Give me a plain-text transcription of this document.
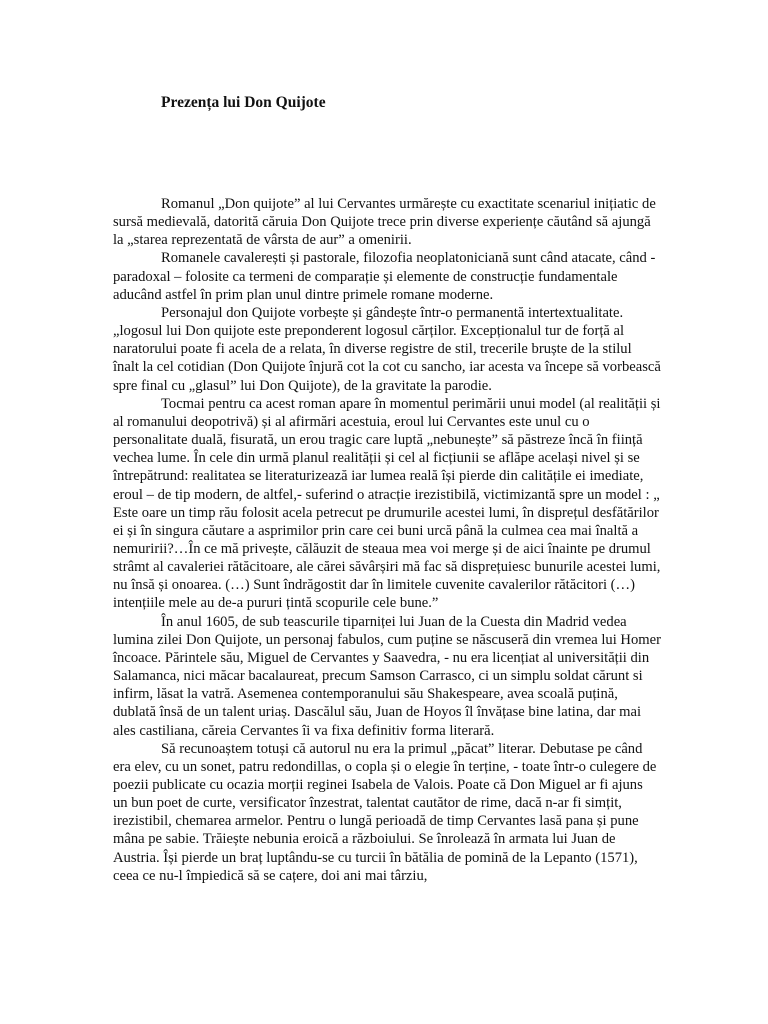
Prezența lui Don Quijote

Romanul „Don quijote” al lui Cervantes urmărește cu exactitate scenariul inițiatic de sursă medievală, datorită căruia Don Quijote trece prin diverse experiențe căutând să ajungă la „starea reprezentată de vârsta de aur” a omenirii.

Romanele cavalerești și pastorale, filozofia neoplatoniciană sunt când atacate, când - paradoxal – folosite ca termeni de comparație și elemente de construcție fundamentale aducând astfel în prim plan unul dintre primele romane moderne.

Personajul don Quijote vorbește și gândește într-o permanentă intertextualitate. „logosul lui Don quijote este preponderent logosul cărților. Excepționalul tur de forță al naratorului poate fi acela de a relata, în diverse registre de stil, trecerile bruște de la stilul înalt la cel cotidian (Don Quijote înjură cot la cot cu sancho, iar acesta va începe să vorbească spre final cu „glasul” lui Don Quijote), de la gravitate la parodie.

Tocmai pentru ca acest roman apare în momentul perimării unui model (al realității și al romanului deopotrivă) și al afirmări acestuia, eroul lui Cervantes este unul cu o personalitate duală, fisurată, un erou tragic care luptă „nebunește” să păstreze încă în ființă vechea lume. În cele din urmă planul realității și cel al ficțiunii se aflăpe același nivel și se întrepătrund: realitatea se literaturizează iar lumea reală își pierde din calitățile ei imediate, eroul – de tip modern, de altfel,- suferind o atracție irezistibilă, victimizantă spre un model : „ Este oare un timp rău folosit acela petrecut pe drumurile acestei lumi, în disprețul desfătărilor ei și în singura căutare a asprimilor prin care cei buni urcă până la culmea cea mai înaltă a nemuririi?…În ce mă privește, călăuzit de steaua mea voi merge și de aici înainte pe drumul strâmt al cavaleriei rătăcitoare, ale cărei săvârșiri mă fac să disprețuiesc bunurile acestei lumi, nu însă și onoarea. (…) Sunt îndrăgostit dar în limitele cuvenite cavalerilor rătăcitori (…) intențiile mele au de-a pururi țintă scopurile cele bune.”

În anul 1605, de sub teascurile tiparniței lui Juan de la Cuesta din Madrid vedea lumina zilei Don Quijote, un personaj fabulos, cum puține se născuseră din vremea lui Homer încoace. Părintele său, Miguel de Cervantes y Saavedra, - nu era licențiat al universității din Salamanca, nici măcar bacalaureat, precum Samson Carrasco, ci un simplu soldat cărunt si infirm, lăsat la vatră. Asemenea contemporanului său Shakespeare, avea scoală puțină, dublată însă de un talent uriaș. Dascălul său, Juan de Hoyos îl învățase bine latina, dar mai ales castiliana, căreia Cervantes îi va fixa definitiv forma literară.

Să recunoaștem totuși că autorul nu era la primul „păcat” literar. Debutase pe când era elev, cu un sonet, patru redondillas, o copla și o elegie în terține, - toate într-o culegere de poezii publicate cu ocazia morții reginei Isabela de Valois. Poate că Don Miguel ar fi ajuns un bun poet de curte, versificator înzestrat, talentat cautător de rime, dacă n-ar fi simțit, irezistibil, chemarea armelor. Pentru o lungă perioadă de timp Cervantes lasă pana și pune mâna pe sabie. Trăiește nebunia eroică a războiului. Se înrolează în armata lui Juan de Austria. Își pierde un braț luptându-se cu turcii în bătălia de pomină de la Lepanto (1571), ceea ce nu-l împiedică să se cațere, doi ani mai târziu,
